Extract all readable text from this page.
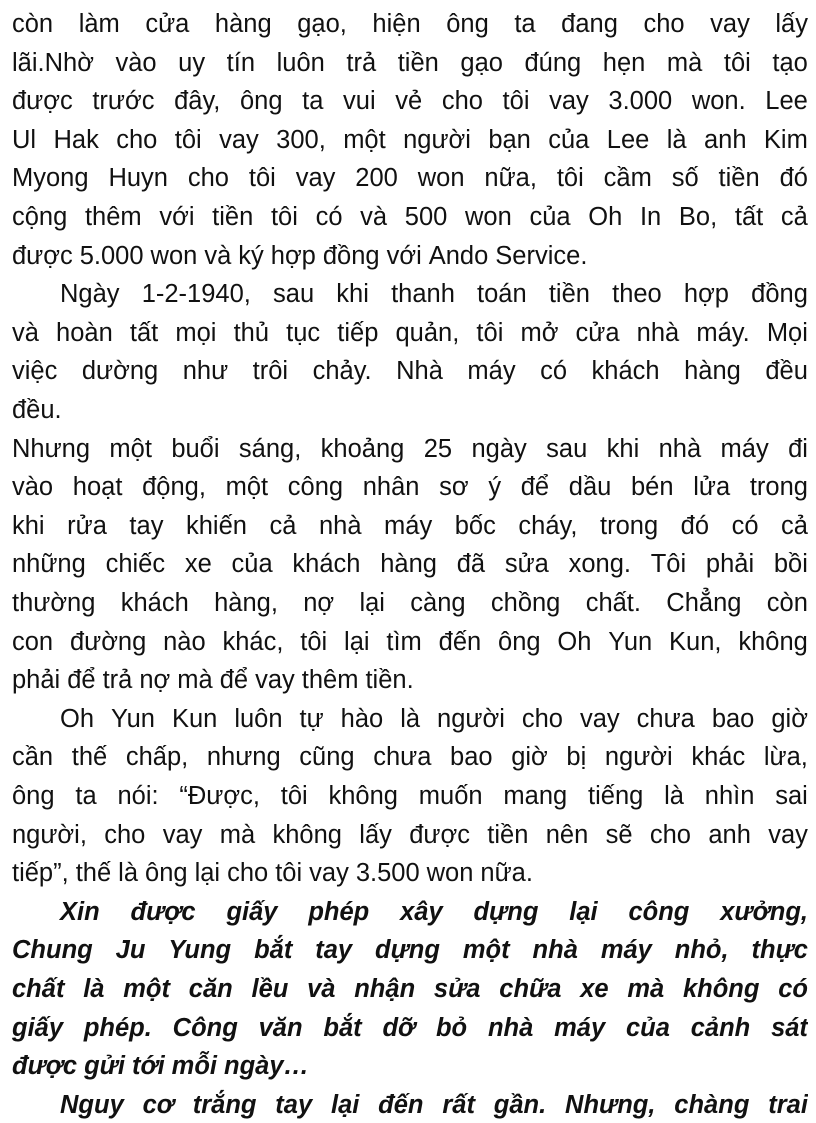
còn làm cửa hàng gạo, hiện ông ta đang cho vay lấy
lãi.Nhờ vào uy tín luôn trả tiền gạo đúng hẹn mà tôi tạo
được trước đây, ông ta vui vẻ cho tôi vay 3.000 won. Lee
Ul Hak cho tôi vay 300, một người bạn của Lee là anh Kim
Myong Huyn cho tôi vay 200 won nữa, tôi cầm số tiền đó
cộng thêm với tiền tôi có và 500 won của Oh In Bo, tất cả
được 5.000 won và ký hợp đồng với Ando Service.
Ngày 1-2-1940, sau khi thanh toán tiền theo hợp đồng
và hoàn tất mọi thủ tục tiếp quản, tôi mở cửa nhà máy. Mọi
việc dường như trôi chảy. Nhà máy có khách hàng đều
đều.
Nhưng một buổi sáng, khoảng 25 ngày sau khi nhà máy đi
vào hoạt động, một công nhân sơ ý để dầu bén lửa trong
khi rửa tay khiến cả nhà máy bốc cháy, trong đó có cả
những chiếc xe của khách hàng đã sửa xong. Tôi phải bồi
thường khách hàng, nợ lại càng chồng chất. Chẳng còn
con đường nào khác, tôi lại tìm đến ông Oh Yun Kun, không
phải để trả nợ mà để vay thêm tiền.
Oh Yun Kun luôn tự hào là người cho vay chưa bao giờ
cần thế chấp, nhưng cũng chưa bao giờ bị người khác lừa,
ông ta nói: “Được, tôi không muốn mang tiếng là nhìn sai
người, cho vay mà không lấy được tiền nên sẽ cho anh vay
tiếp”, thế là ông lại cho tôi vay 3.500 won nữa.
Xin được giấy phép xây dựng lại công xưởng,
Chung Ju Yung bắt tay dựng một nhà máy nhỏ, thực
chất là một căn lều và nhận sửa chữa xe mà không có
giấy phép. Công văn bắt dỡ bỏ nhà máy của cảnh sát
được gửi tới mỗi ngày…
Nguy cơ trắng tay lại đến rất gần. Nhưng, chàng trai
